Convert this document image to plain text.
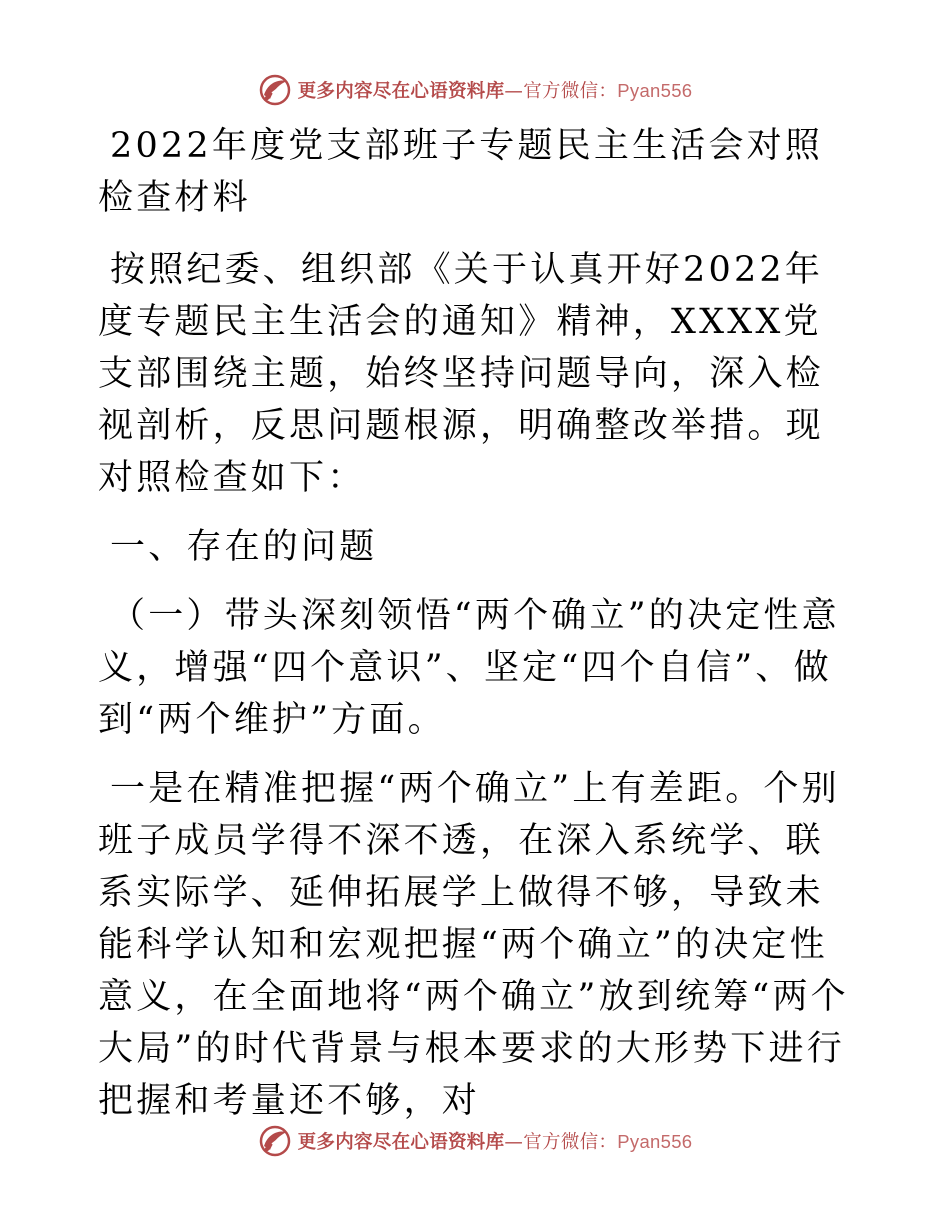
更多内容尽在心语资料库—官方微信：Pyan556

2022年度党支部班子专题民主生活会对照检查材料

按照纪委、组织部《关于认真开好2022年度专题民主生活会的通知》精神，XXXX党支部围绕主题，始终坚持问题导向，深入检视剖析，反思问题根源，明确整改举措。现对照检查如下：

一、存在的问题

（一）带头深刻领悟“两个确立”的决定性意义，增强“四个意识”、坚定“四个自信”、做到“两个维护”方面。

一是在精准把握“两个确立”上有差距。个别班子成员学得不深不透，在深入系统学、联系实际学、延伸拓展学上做得不够，导致未能科学认知和宏观把握“两个确立”的决定性意义，在全面地将“两个确立”放到统筹“两个大局”的时代背景与根本要求的大形势下进行把握和考量还不够，对

更多内容尽在心语资料库—官方微信：Pyan556
